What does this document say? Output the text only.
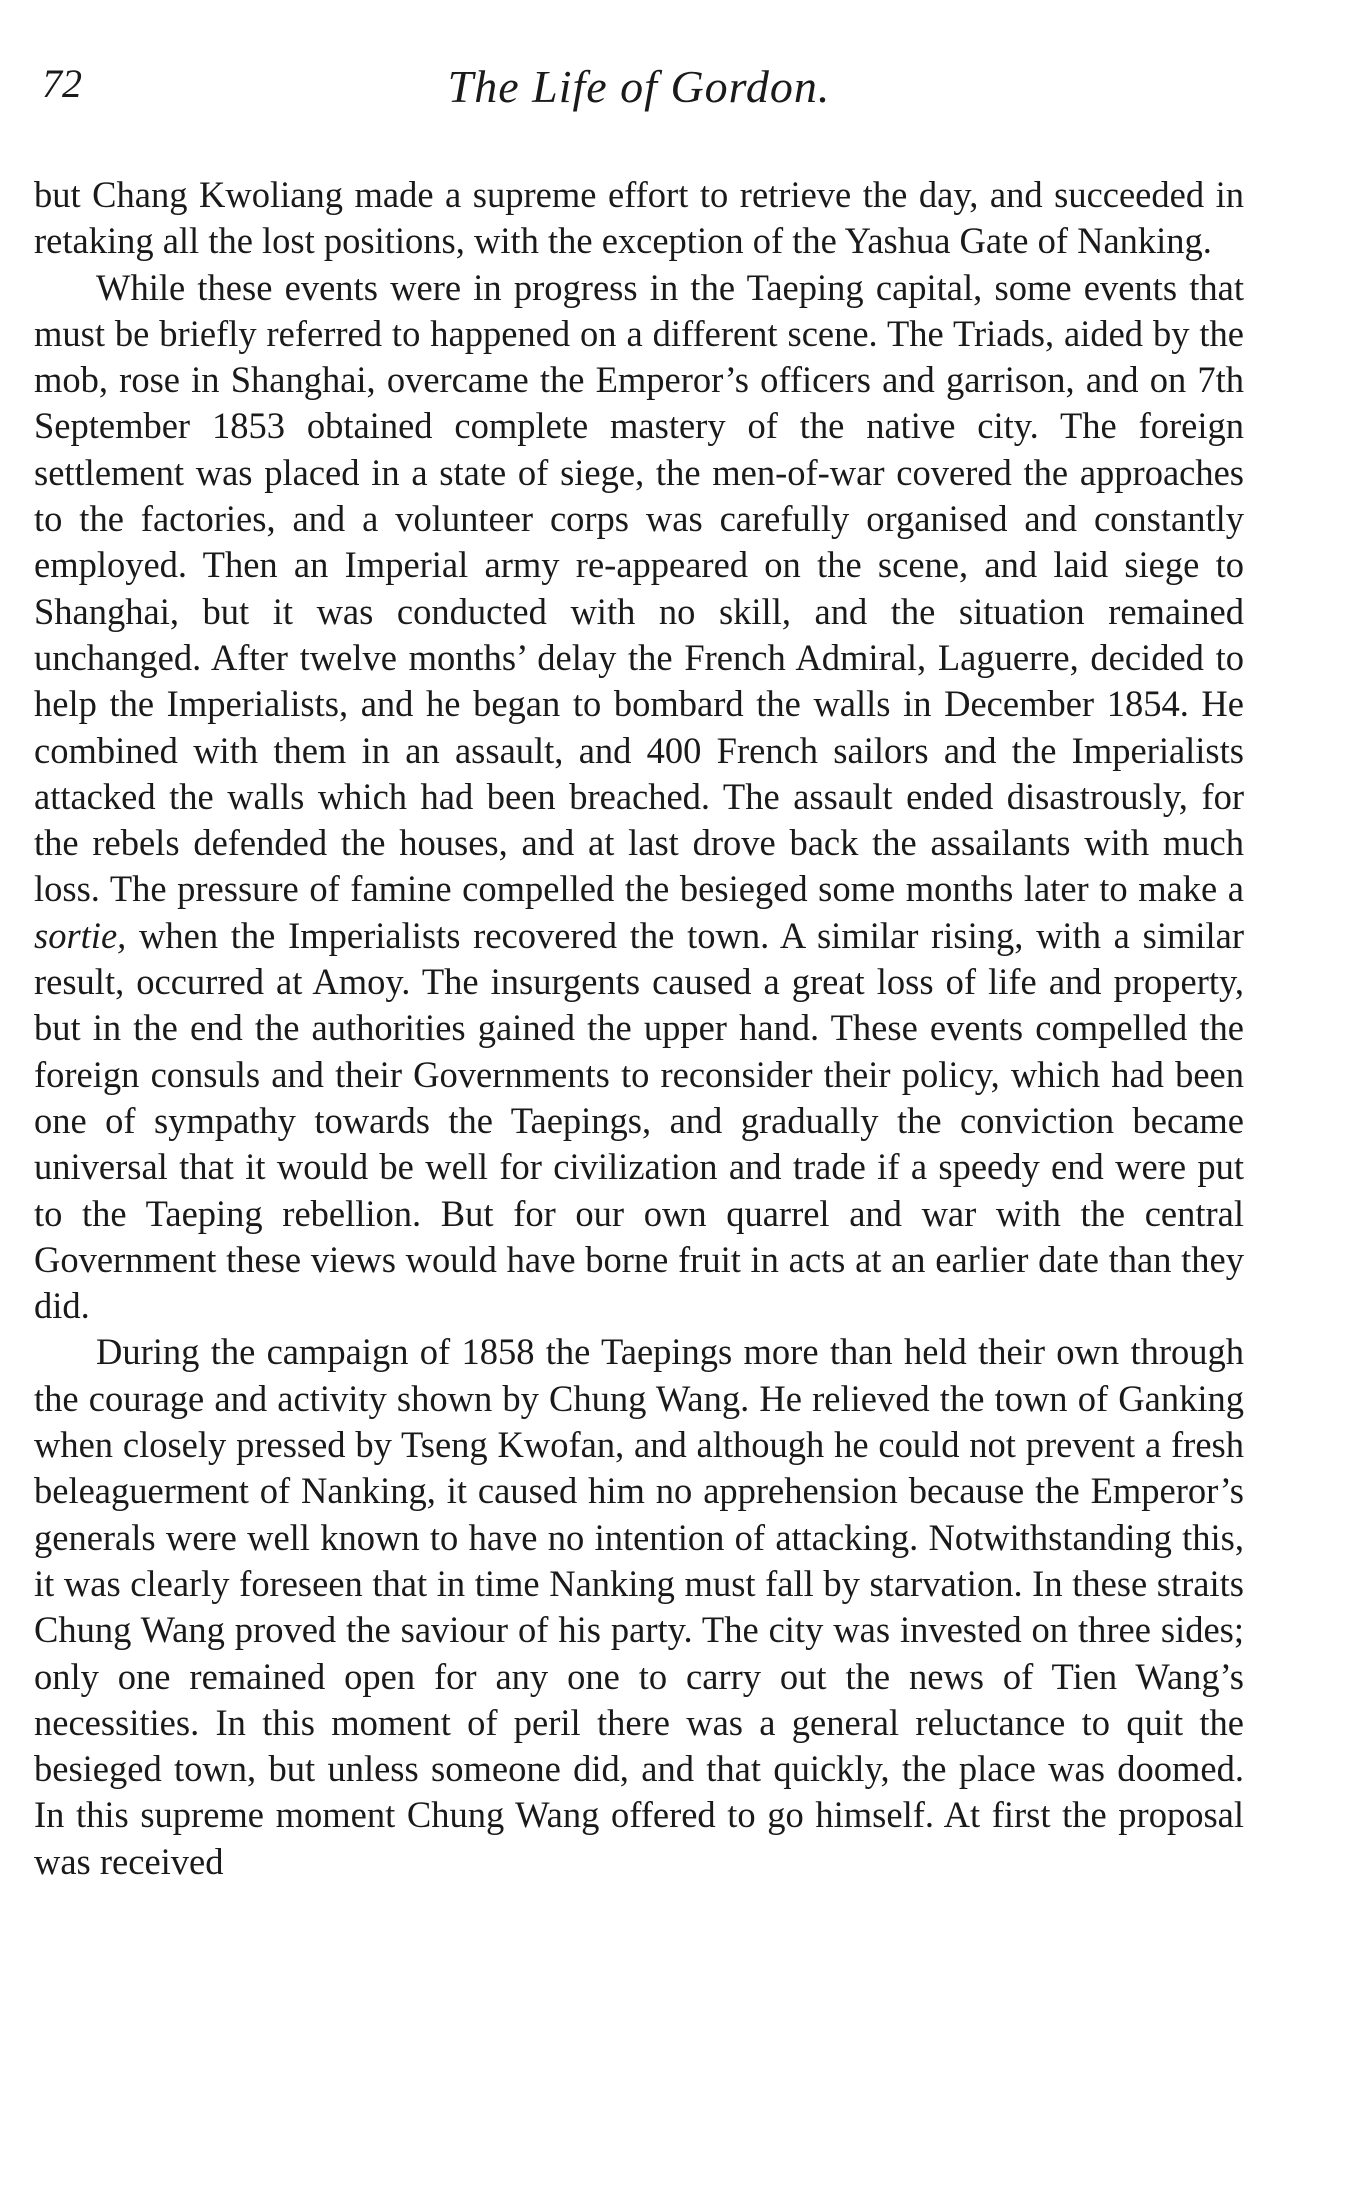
72	The Life of Gordon.

but Chang Kwoliang made a supreme effort to retrieve the day, and succeeded in retaking all the lost positions, with the exception of the Yashua Gate of Nanking.

While these events were in progress in the Taeping capital, some events that must be briefly referred to happened on a different scene. The Triads, aided by the mob, rose in Shanghai, overcame the Emperor’s officers and garrison, and on 7th September 1853 obtained complete mastery of the native city. The foreign settlement was placed in a state of siege, the men-of-war covered the approaches to the factories, and a volunteer corps was carefully organised and constantly employed. Then an Imperial army re-appeared on the scene, and laid siege to Shanghai, but it was conducted with no skill, and the situation remained unchanged. After twelve months’ delay the French Admiral, Laguerre, decided to help the Imperialists, and he began to bombard the walls in December 1854. He combined with them in an assault, and 400 French sailors and the Imperialists attacked the walls which had been breached. The assault ended disastrously, for the rebels defended the houses, and at last drove back the assailants with much loss. The pressure of famine compelled the besieged some months later to make a sortie, when the Imperialists recovered the town. A similar rising, with a similar result, occurred at Amoy. The insurgents caused a great loss of life and property, but in the end the authorities gained the upper hand. These events compelled the foreign consuls and their Governments to reconsider their policy, which had been one of sympathy towards the Taepings, and gradually the conviction became universal that it would be well for civilization and trade if a speedy end were put to the Taeping rebellion. But for our own quarrel and war with the central Government these views would have borne fruit in acts at an earlier date than they did.

During the campaign of 1858 the Taepings more than held their own through the courage and activity shown by Chung Wang. He relieved the town of Ganking when closely pressed by Tseng Kwofan, and although he could not prevent a fresh beleaguerment of Nanking, it caused him no apprehension because the Emperor’s generals were well known to have no intention of attacking. Notwithstanding this, it was clearly foreseen that in time Nanking must fall by starvation. In these straits Chung Wang proved the saviour of his party. The city was invested on three sides; only one remained open for any one to carry out the news of Tien Wang’s necessities. In this moment of peril there was a general reluctance to quit the besieged town, but unless someone did, and that quickly, the place was doomed. In this supreme moment Chung Wang offered to go himself. At first the proposal was received
